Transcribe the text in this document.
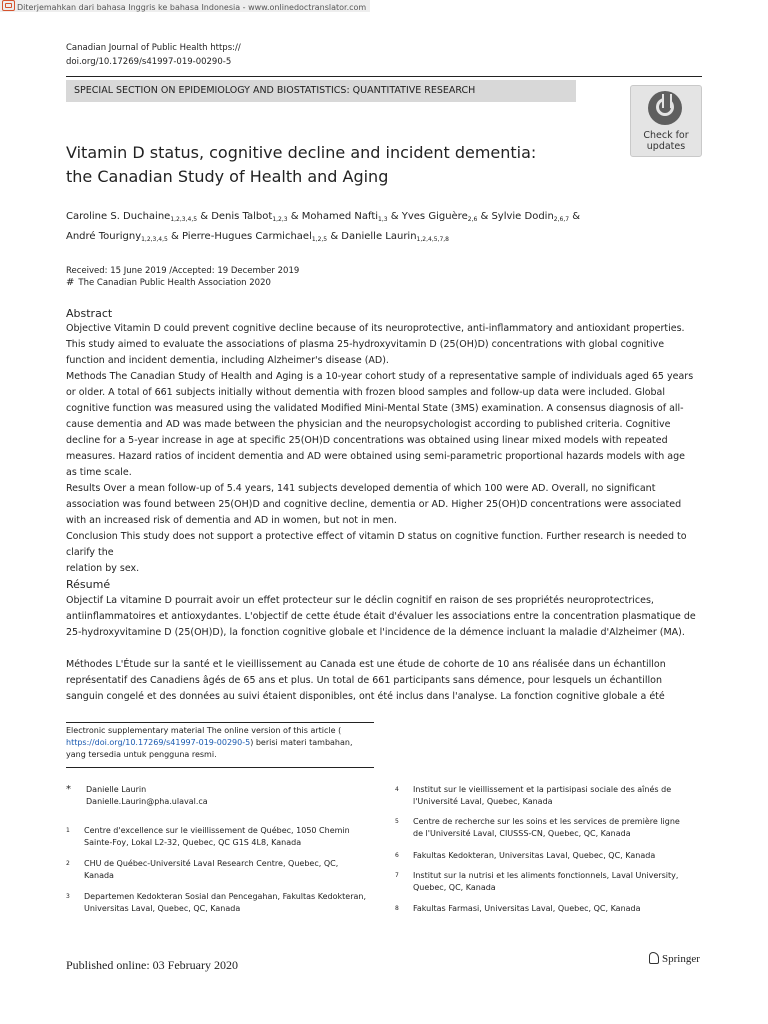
Diterjemahkan dari bahasa Inggris ke bahasa Indonesia - www.onlinedoctranslator.com
Canadian Journal of Public Health https://
doi.org/10.17269/s41997-019-00290-5
SPECIAL SECTION ON EPIDEMIOLOGY AND BIOSTATISTICS: QUANTITATIVE RESEARCH
Check for
updates
Vitamin D status, cognitive decline and incident dementia:
the Canadian Study of Health and Aging
Caroline S. Duchaine$_{1,2,3,4,5}$ & Denis Talbot$_{1,2,3}$ & Mohamed Nafti$_{1,3}$ & Yves Giguère$_{2,6}$ & Sylvie Dodin$_{2,6,7}$ &
André Tourigny$_{1,2,3,4,5}$ & Pierre-Hugues Carmichael$_{1,2,5}$ & Danielle Laurin$_{1,2,4,5,7,8}$
Received: 15 June 2019 /Accepted: 19 December 2019
# The Canadian Public Health Association 2020
Abstract
Objective Vitamin D could prevent cognitive decline because of its neuroprotective, anti-inflammatory and antioxidant properties.
This study aimed to evaluate the associations of plasma 25-hydroxyvitamin D (25(OH)D) concentrations with global cognitive
function and incident dementia, including Alzheimer's disease (AD).
Methods The Canadian Study of Health and Aging is a 10-year cohort study of a representative sample of individuals aged 65 years
or older. A total of 661 subjects initially without dementia with frozen blood samples and follow-up data were included. Global
cognitive function was measured using the validated Modified Mini-Mental State (3MS) examination. A consensus diagnosis of all-
cause dementia and AD was made between the physician and the neuropsychologist according to published criteria. Cognitive
decline for a 5-year increase in age at specific 25(OH)D concentrations was obtained using linear mixed models with repeated
measures. Hazard ratios of incident dementia and AD were obtained using semi-parametric proportional hazards models with age
as time scale.
Results Over a mean follow-up of 5.4 years, 141 subjects developed dementia of which 100 were AD. Overall, no significant
association was found between 25(OH)D and cognitive decline, dementia or AD. Higher 25(OH)D concentrations were associated
with an increased risk of dementia and AD in women, but not in men.
Conclusion This study does not support a protective effect of vitamin D status on cognitive function. Further research is needed to clarify the
relation by sex.
Résumé
Objectif La vitamine D pourrait avoir un effet protecteur sur le déclin cognitif en raison de ses propriétés neuroprotectrices,
antiinflammatoires et antioxydantes. L'objectif de cette étude était d'évaluer les associations entre la concentration plasmatique de
25-hydroxyvitamine D (25(OH)D), la fonction cognitive globale et l'incidence de la démence incluant la maladie d'Alzheimer (MA).
Méthodes L'Étude sur la santé et le vieillissement au Canada est une étude de cohorte de 10 ans réalisée dans un échantillon
représentatif des Canadiens âgés de 65 ans et plus. Un total de 661 participants sans démence, pour lesquels un échantillon
sanguin congelé et des données au suivi étaient disponibles, ont été inclus dans l'analyse. La fonction cognitive globale a été
Electronic supplementary material The online version of this article (
https://doi.org/10.17269/s41997-019-00290-5) berisi materi tambahan,
yang tersedia untuk pengguna resmi.
* Danielle Laurin
Danielle.Laurin@pha.ulaval.ca
1 Centre d'excellence sur le vieillissement de Québec, 1050 Chemin
Sainte-Foy, Lokal L2-32, Quebec, QC G1S 4L8, Kanada
2 CHU de Québec-Université Laval Research Centre, Quebec, QC,
Kanada
3 Departemen Kedokteran Sosial dan Pencegahan, Fakultas Kedokteran,
Universitas Laval, Quebec, QC, Kanada
4 Institut sur le vieillissement et la partisipasi sociale des aînés de
l'Université Laval, Quebec, Kanada
5 Centre de recherche sur les soins et les services de première ligne
de l'Université Laval, CIUSSS-CN, Quebec, QC, Kanada
6 Fakultas Kedokteran, Universitas Laval, Quebec, QC, Kanada
7 Institut sur la nutrisi et les aliments fonctionnels, Laval University,
Quebec, QC, Kanada
8 Fakultas Farmasi, Universitas Laval, Quebec, QC, Kanada
Published online: 03 February 2020	Springer
